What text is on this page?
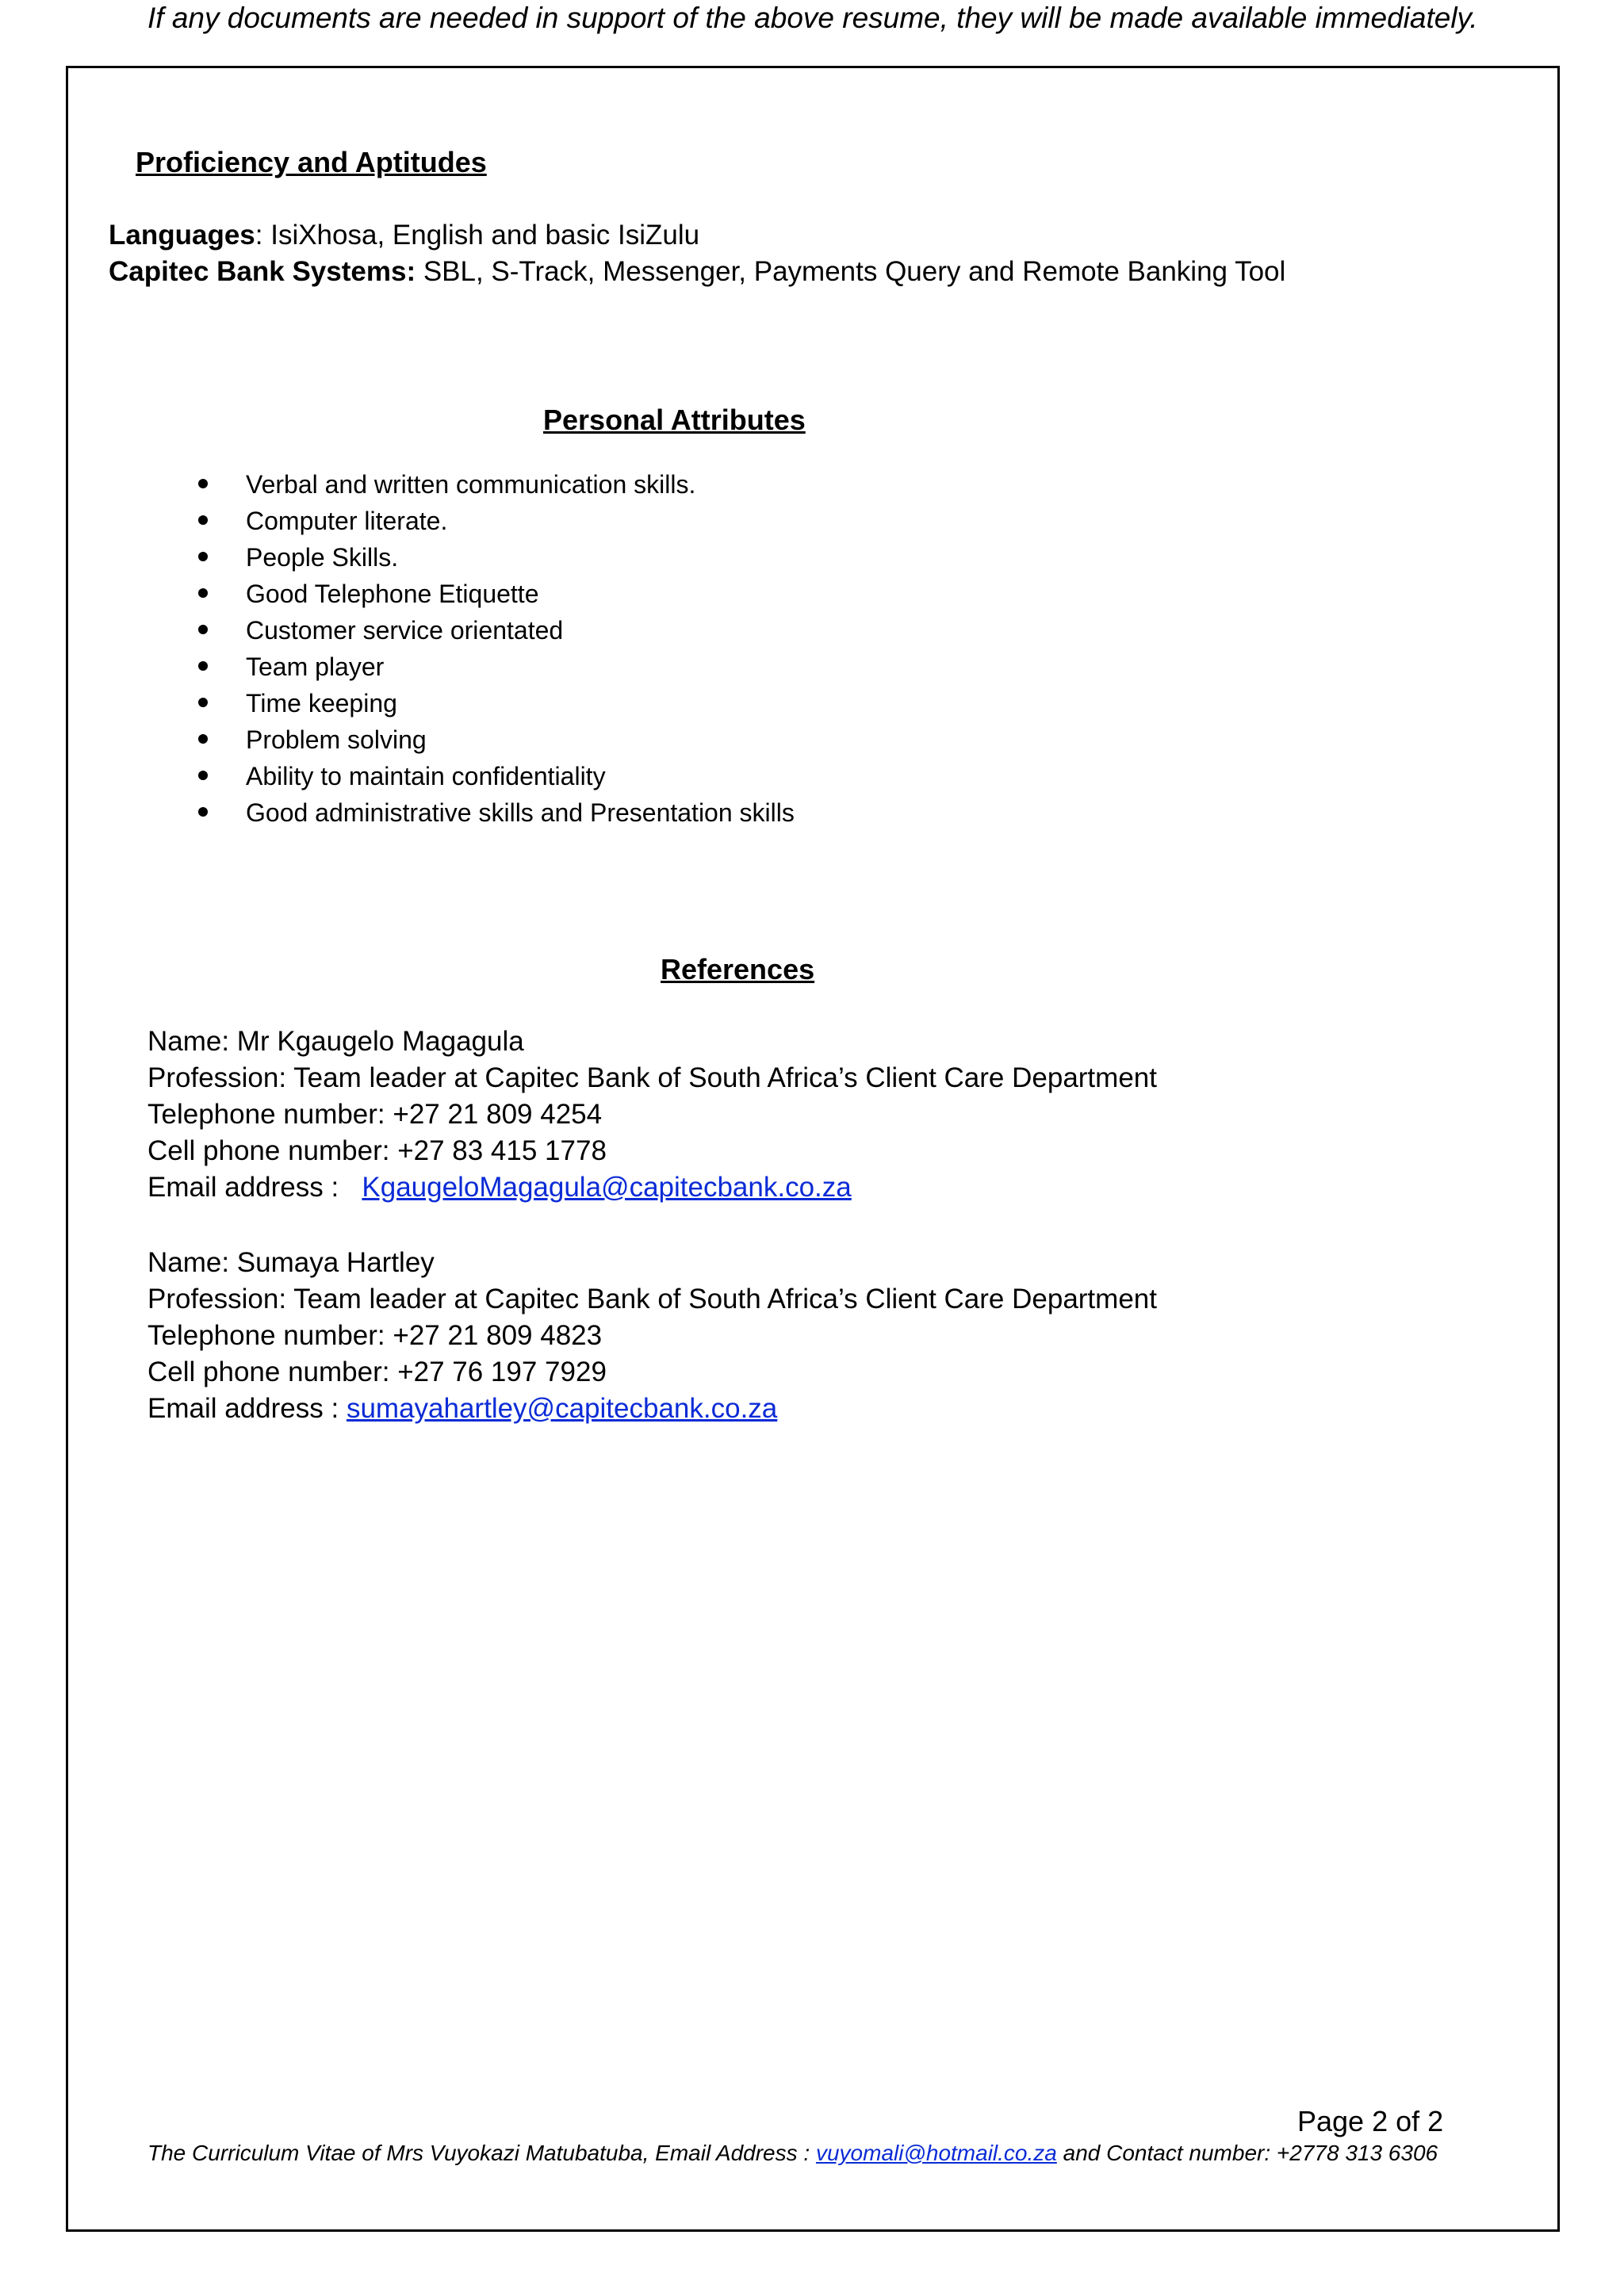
If any documents are needed in support of the above resume, they will be made available immediately.
Proficiency and Aptitudes
Languages: IsiXhosa, English and basic IsiZulu
Capitec Bank Systems: SBL, S-Track, Messenger, Payments Query and Remote Banking Tool
Personal Attributes
Verbal and written communication skills.
Computer literate.
People Skills.
Good Telephone Etiquette
Customer service orientated
Team player
Time keeping
Problem solving
Ability to maintain confidentiality
Good administrative skills and Presentation skills
References
Name: Mr Kgaugelo Magagula
Profession: Team leader at Capitec Bank of South Africa’s Client Care Department
Telephone number: +27 21 809 4254
Cell phone number: +27 83 415 1778
Email address : KgaugeloMagagula@capitecbank.co.za
Name: Sumaya Hartley
Profession: Team leader at Capitec Bank of South Africa’s Client Care Department
Telephone number: +27 21 809 4823
Cell phone number: +27 76 197 7929
Email address : sumayahartley@capitecbank.co.za
Page 2 of 2
The Curriculum Vitae of Mrs Vuyokazi Matubatuba, Email Address : vuyomali@hotmail.co.za and Contact number: +2778 313 6306
